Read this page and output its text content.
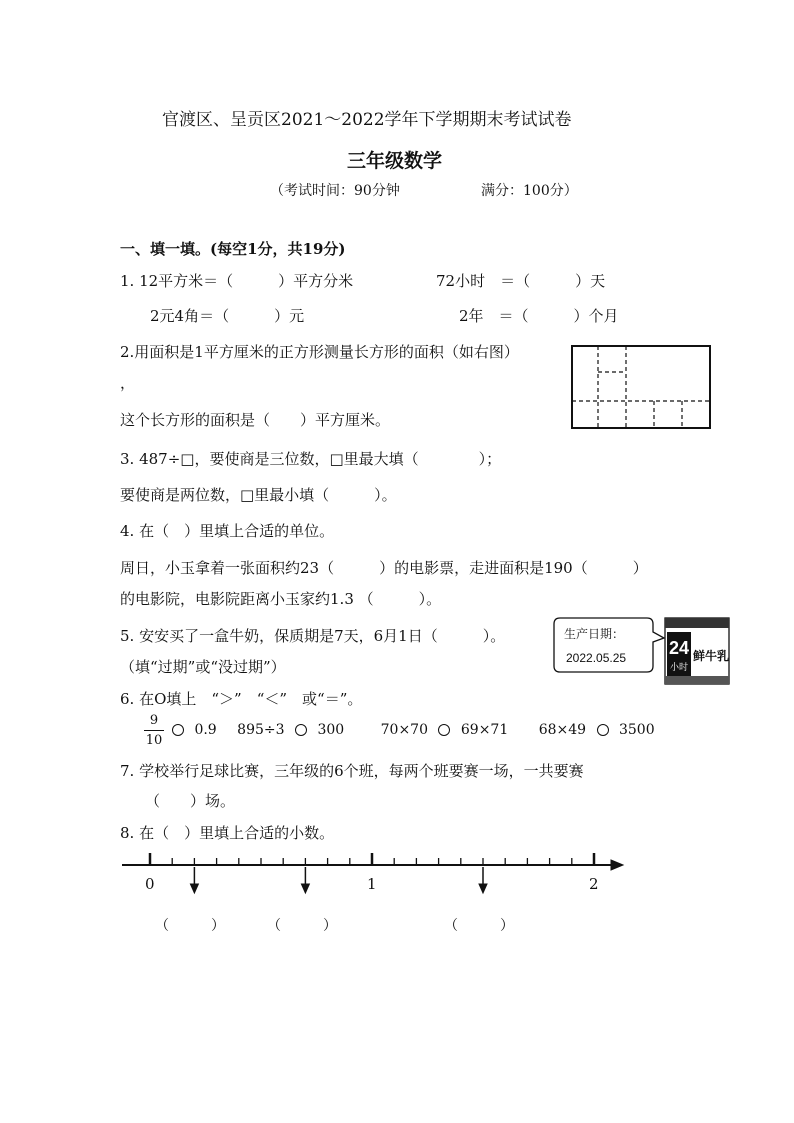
官渡区、呈贡区2021～2022学年下学期期末考试试卷
三年级数学
（考试时间：90分钟	满分：100分）
一、填一填。(每空1分，共19分)
1. 12平方米＝（　　　）平方分米	72小时　＝（　　　）天
2元4角＝（　　　）元	2年　＝（　　　）个月
2.用面积是1平方厘米的正方形测量长方形的面积（如右图）
，
这个长方形的面积是（　　）平方厘米。
3. 487÷□，要使商是三位数，□里最大填（　　　　）；
要使商是两位数，□里最小填（　　　）。
4. 在（　）里填上合适的单位。
周日，小玉拿着一张面积约23（　　　）的电影票，走进面积是190（　　　）
的电影院，电影院距离小玉家约1.3 （　　　）。
5. 安安买了一盒牛奶，保质期是7天，6月1日（　　　）。
（填“过期”或“没过期”）
生产日期：
2022.05.25 24
小时
鲜牛乳
6. 在O填上　“＞”　“＜”　或“＝”。
9
10
0.9 895÷3 300	70×70 69×71 68×49 3500
7. 学校举行足球比赛，三年级的6个班，每两个班要赛一场，一共要赛
（　　）场。
8. 在（　）里填上合适的小数。
0	1	2
（　　　）	（　　　）	（　　　）
